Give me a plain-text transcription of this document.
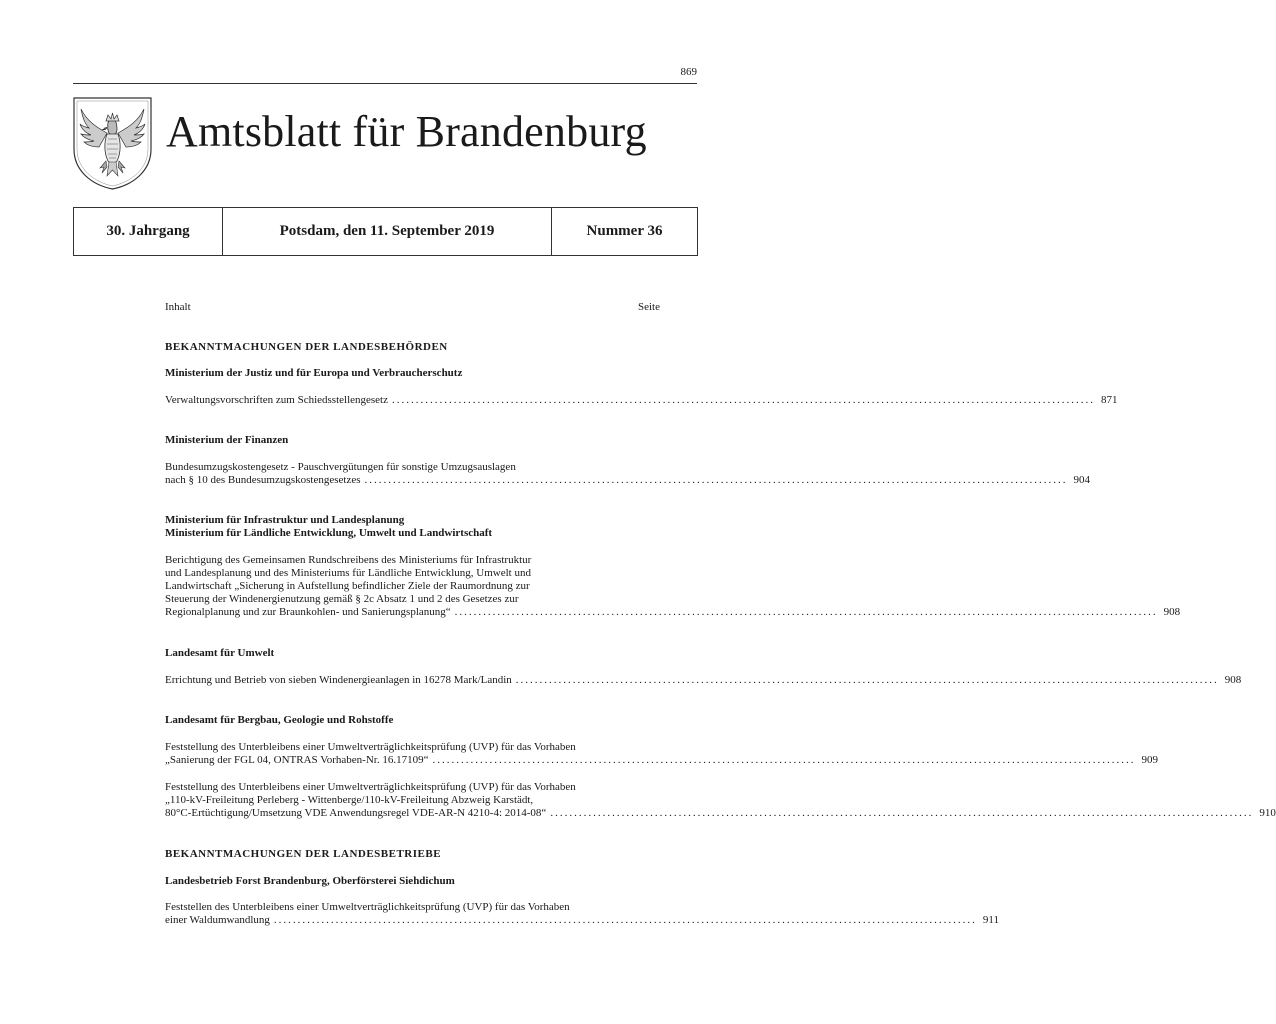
869
Amtsblatt für Brandenburg
30. Jahrgang	Potsdam, den 11. September 2019	Nummer 36
Inhalt	Seite
BEKANNTMACHUNGEN DER LANDESBEHÖRDEN
Ministerium der Justiz und für Europa und Verbraucherschutz
Verwaltungsvorschriften zum Schiedsstellengesetz .................................................................................................................................................... 871
Ministerium der Finanzen
Bundesumzugskostengesetz - Pauschvergütungen für sonstige Umzugsauslagen
nach § 10 des Bundesumzugskostengesetzes .................................................................................................................................................... 904
Ministerium für Infrastruktur und Landesplanung
Ministerium für Ländliche Entwicklung, Umwelt und Landwirtschaft
Berichtigung des Gemeinsamen Rundschreibens des Ministeriums für Infrastruktur
und Landesplanung und des Ministeriums für Ländliche Entwicklung, Umwelt und
Landwirtschaft „Sicherung in Aufstellung befindlicher Ziele der Raumordnung zur
Steuerung der Windenergienutzung gemäß § 2c Absatz 1 und 2 des Gesetzes zur
Regionalplanung und zur Braunkohlen- und Sanierungsplanung“ .................................................................................................................................................... 908
Landesamt für Umwelt
Errichtung und Betrieb von sieben Windenergieanlagen in 16278 Mark/Landin .................................................................................................................................................... 908
Landesamt für Bergbau, Geologie und Rohstoffe
Feststellung des Unterbleibens einer Umweltverträglichkeitsprüfung (UVP) für das Vorhaben
„Sanierung der FGL 04, ONTRAS Vorhaben-Nr. 16.17109“ .................................................................................................................................................... 909
Feststellung des Unterbleibens einer Umweltverträglichkeitsprüfung (UVP) für das Vorhaben
„110-kV-Freileitung Perleberg - Wittenberge/110-kV-Freileitung Abzweig Karstädt,
80°C-Ertüchtigung/Umsetzung VDE Anwendungsregel VDE-AR-N 4210-4: 2014-08“ .................................................................................................................................................... 910
BEKANNTMACHUNGEN DER LANDESBETRIEBE
Landesbetrieb Forst Brandenburg, Oberförsterei Siehdichum
Feststellen des Unterbleibens einer Umweltverträglichkeitsprüfung (UVP) für das Vorhaben
einer Waldumwandlung .................................................................................................................................................... 911
